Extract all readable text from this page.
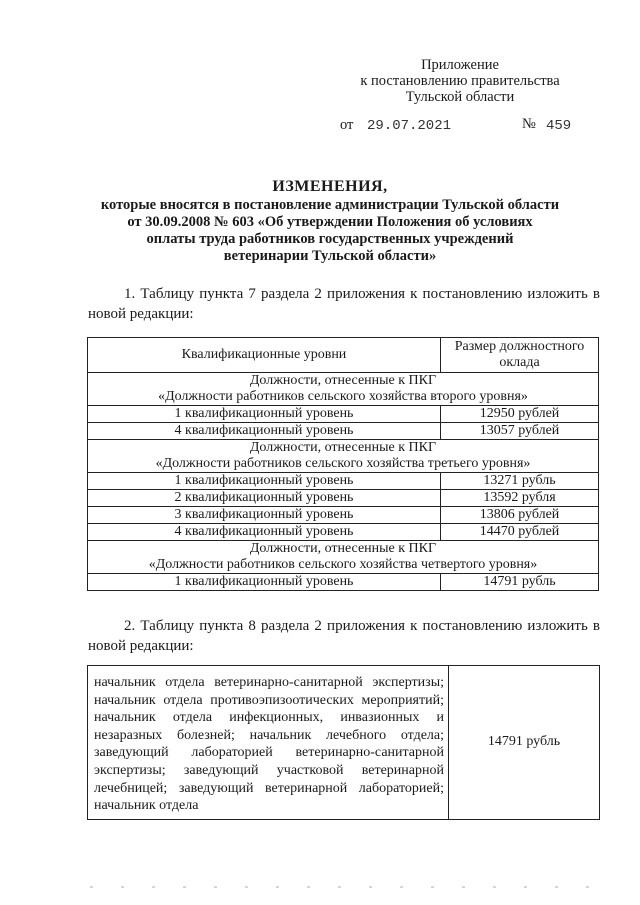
Приложение
к постановлению правительства
Тульской области
от 29.07.2021	№ 459
ИЗМЕНЕНИЯ,
которые вносятся в постановление администрации Тульской области
от 30.09.2008 № 603 «Об утверждении Положения об условиях
оплаты труда работников государственных учреждений
ветеринарии Тульской области»
1. Таблицу пункта 7 раздела 2 приложения к постановлению изложить в новой редакции:
Квалификационные уровни	Размер должностного оклада

Должности, отнесенные к ПКГ
«Должности работников сельского хозяйства второго уровня»	

1 квалификационный уровень	12950 рублей
4 квалификационный уровень	13057 рублей

Должности, отнесенные к ПКГ
«Должности работников сельского хозяйства третьего уровня»	

1 квалификационный уровень	13271 рубль
2 квалификационный уровень	13592 рубля
3 квалификационный уровень	13806 рублей
4 квалификационный уровень	14470 рублей

Должности, отнесенные к ПКГ
«Должности работников сельского хозяйства четвертого уровня»	

1 квалификационный уровень	14791 рубль
2. Таблицу пункта 8 раздела 2 приложения к постановлению изложить в новой редакции:
начальник отдела ветеринарно-санитарной экспертизы; начальник отдела противоэпизоотических мероприятий; начальник отдела инфекционных, инвазионных и незаразных болезней; начальник лечебного отдела; заведующий лабораторией ветеринарно-санитарной экспертизы; заведующий участковой ветеринарной лечебницей; заведующий ветеринарной лабораторией; начальник отдела	14791 рубль
